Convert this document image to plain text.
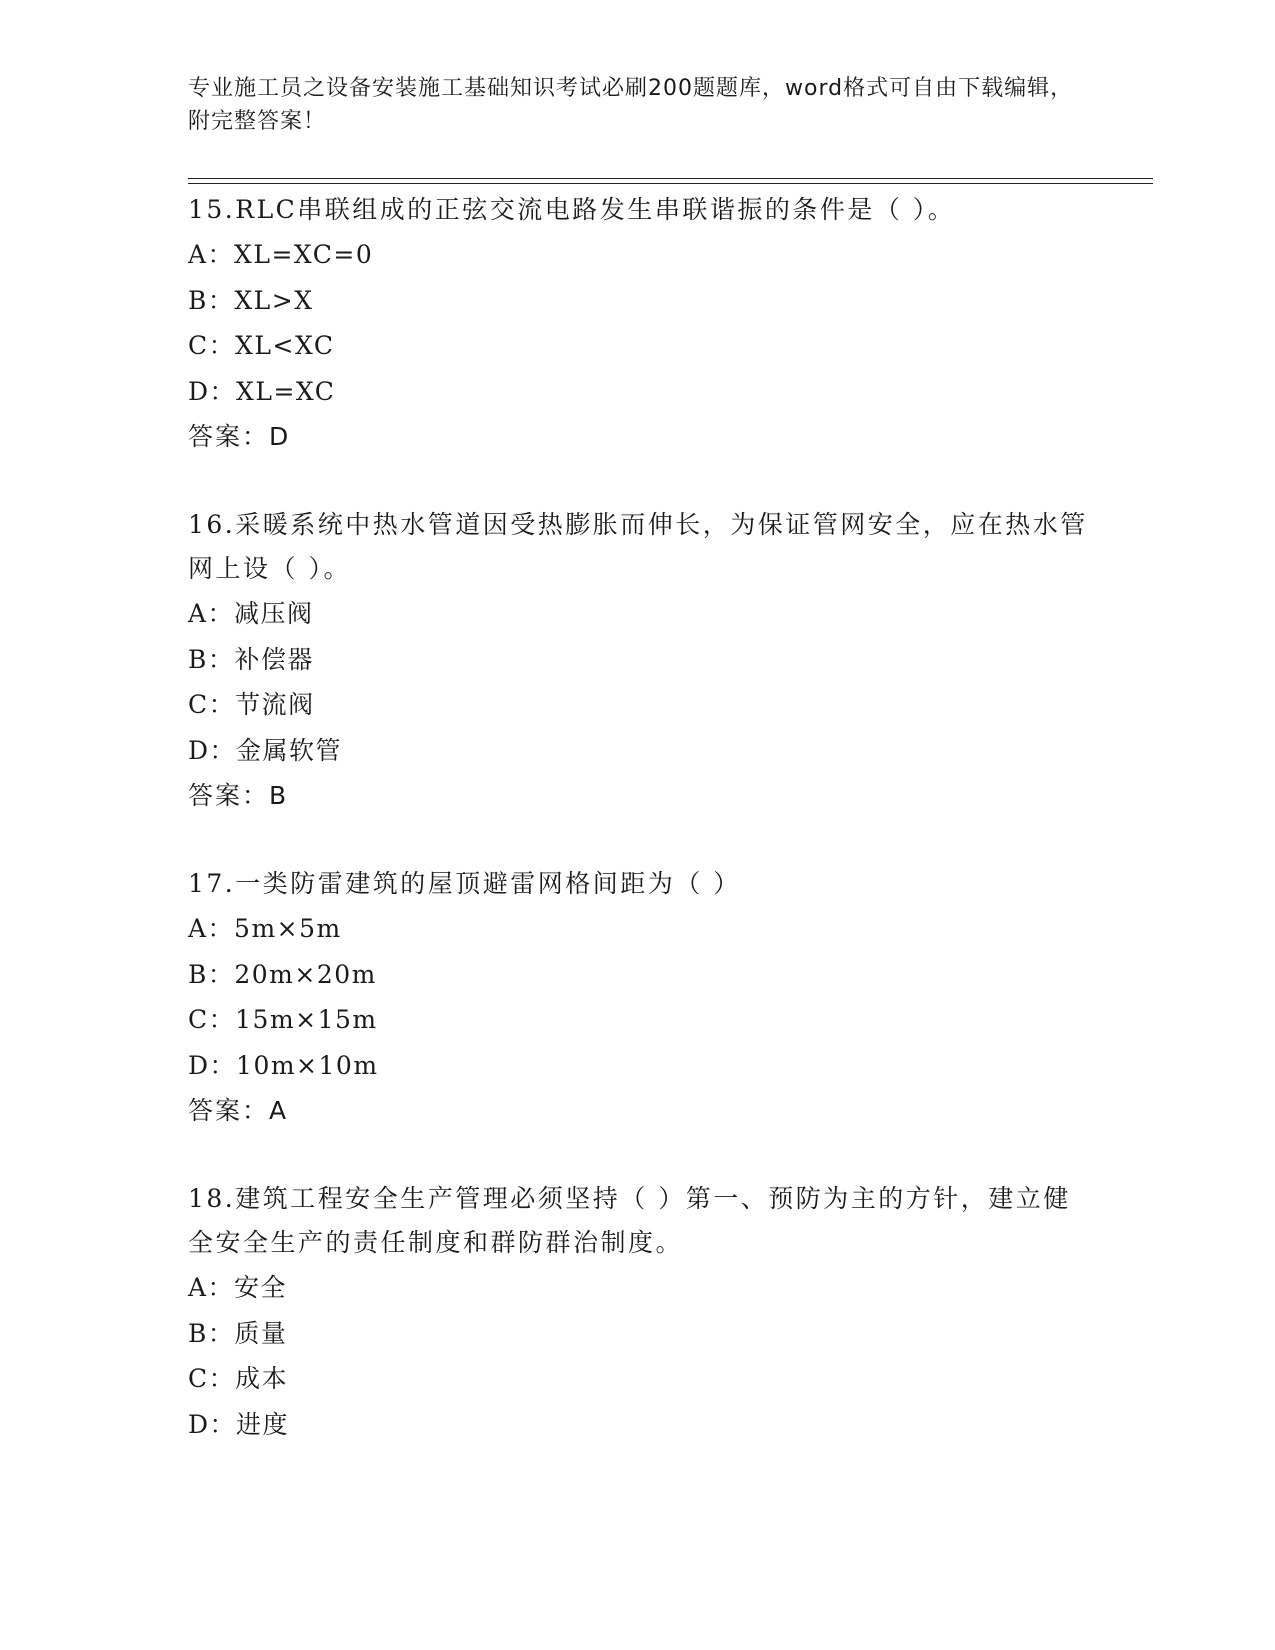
专业施工员之设备安装施工基础知识考试必刷200题题库，word格式可自由下载编辑，附完整答案！
15.RLC串联组成的正弦交流电路发生串联谐振的条件是（ ）。
A：XL=XC=0
B：XL>X
C：XL<XC
D：XL=XC
答案：D
16.采暖系统中热水管道因受热膨胀而伸长，为保证管网安全，应在热水管网上设（ ）。
A：减压阀
B：补偿器
C：节流阀
D：金属软管
答案：B
17.一类防雷建筑的屋顶避雷网格间距为（ ）
A：5m×5m
B：20m×20m
C：15m×15m
D：10m×10m
答案：A
18.建筑工程安全生产管理必须坚持（ ）第一、预防为主的方针，建立健全安全生产的责任制度和群防群治制度。
A：安全
B：质量
C：成本
D：进度
